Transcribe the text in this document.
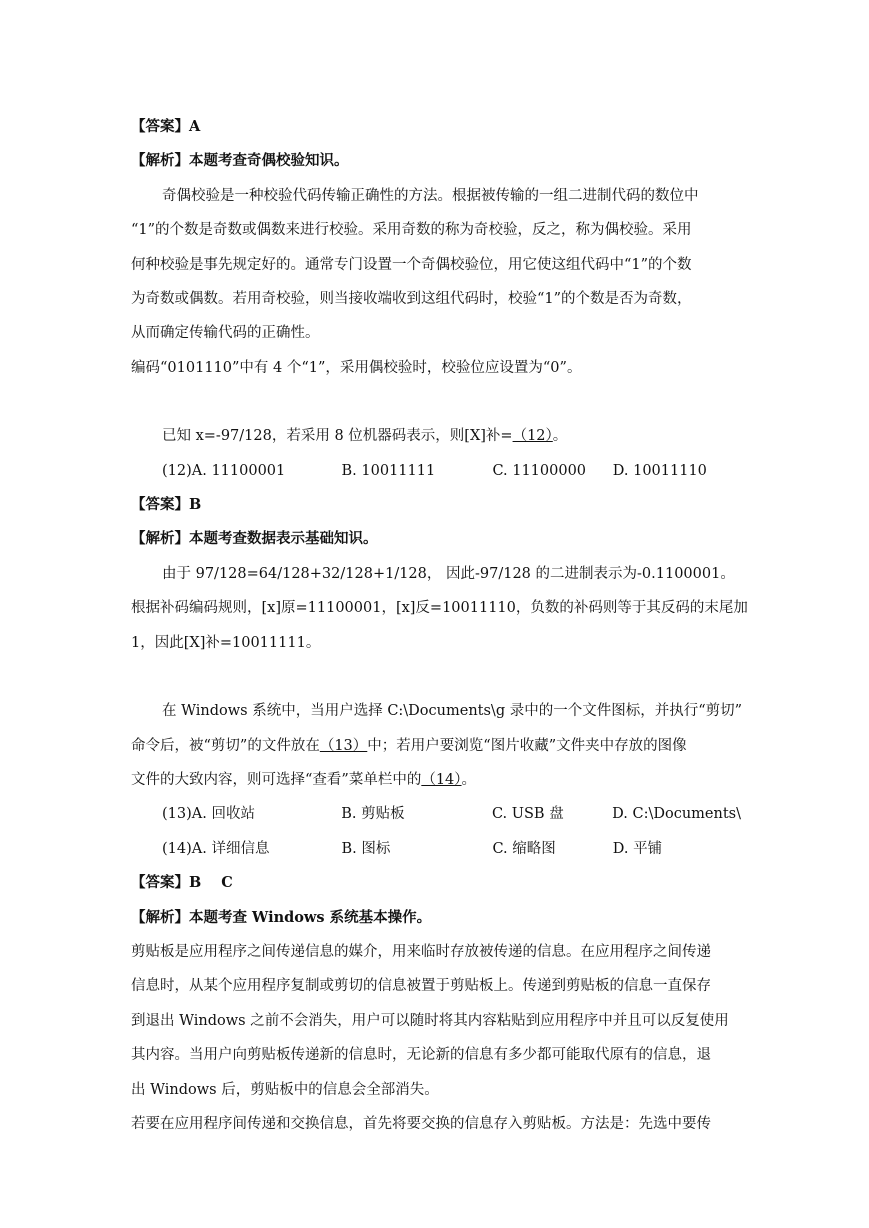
【答案】A
【解析】本题考查奇偶校验知识。
奇偶校验是一种校验代码传输正确性的方法。根据被传输的一组二进制代码的数位中
“1”的个数是奇数或偶数来进行校验。采用奇数的称为奇校验，反之，称为偶校验。采用
何种校验是事先规定好的。通常专门设置一个奇偶校验位，用它使这组代码中“1”的个数
为奇数或偶数。若用奇校验，则当接收端收到这组代码时，校验“1”的个数是否为奇数，
从而确定传输代码的正确性。
编码“0101110”中有 4 个“1”，采用偶校验时，校验位应设置为“0”。
已知 x=-97/128，若采用 8 位机器码表示，则[X]补=（12）。
(12)A. 11100001	B. 10011111	C. 11100000	D. 10011110
【答案】B
【解析】本题考查数据表示基础知识。
由于 97/128=64/128+32/128+1/128， 因此-97/128 的二进制表示为-0.1100001。
根据补码编码规则，[x]原=11100001，[x]反=10011110，负数的补码则等于其反码的末尾加
1，因此[X]补=10011111。
在 Windows 系统中，当用户选择 C:\Documents\g 录中的一个文件图标，并执行“剪切”
命令后，被“剪切”的文件放在（13）中；若用户要浏览“图片收藏”文件夹中存放的图像
文件的大致内容，则可选择“查看”菜单栏中的（14）。
(13)A. 回收站	B. 剪贴板	C. USB 盘	D. C:\Documents\
(14)A. 详细信息	B. 图标	C. 缩略图	D. 平铺
【答案】B C
【解析】本题考查 Windows 系统基本操作。
剪贴板是应用程序之间传递信息的媒介，用来临时存放被传递的信息。在应用程序之间传递
信息时，从某个应用程序复制或剪切的信息被置于剪贴板上。传递到剪贴板的信息一直保存
到退出 Windows 之前不会消失，用户可以随时将其内容粘贴到应用程序中并且可以反复使用
其内容。当用户向剪贴板传递新的信息时，无论新的信息有多少都可能取代原有的信息，退
出 Windows 后，剪贴板中的信息会全部消失。
若要在应用程序间传递和交换信息，首先将要交换的信息存入剪贴板。方法是：先选中要传
